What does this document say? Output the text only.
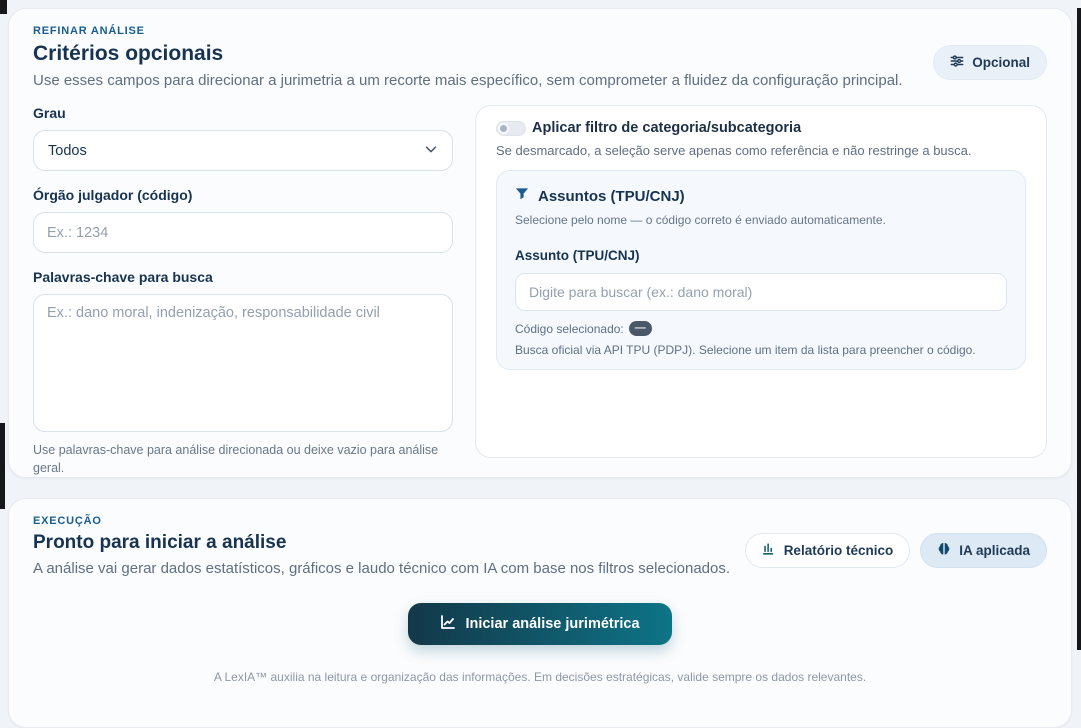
REFINAR ANÁLISE
Critérios opcionais
Use esses campos para direcionar a jurimetria a um recorte mais específico, sem comprometer a fluidez da configuração principal.
Opcional
Grau
Todos
Órgão julgador (código)
Ex.: 1234
Palavras-chave para busca
Ex.: dano moral, indenização, responsabilidade civil
Use palavras-chave para análise direcionada ou deixe vazio para análise geral.
Aplicar filtro de categoria/subcategoria
Se desmarcado, a seleção serve apenas como referência e não restringe a busca.
Assuntos (TPU/CNJ)
Selecione pelo nome — o código correto é enviado automaticamente.
Assunto (TPU/CNJ)
Digite para buscar (ex.: dano moral)
Código selecionado:	—
Busca oficial via API TPU (PDPJ). Selecione um item da lista para preencher o código.
EXECUÇÃO
Pronto para iniciar a análise
A análise vai gerar dados estatísticos, gráficos e laudo técnico com IA com base nos filtros selecionados.
Relatório técnico	IA aplicada
Iniciar análise jurimétrica
A LexIA™ auxilia na leitura e organização das informações. Em decisões estratégicas, valide sempre os dados relevantes.
